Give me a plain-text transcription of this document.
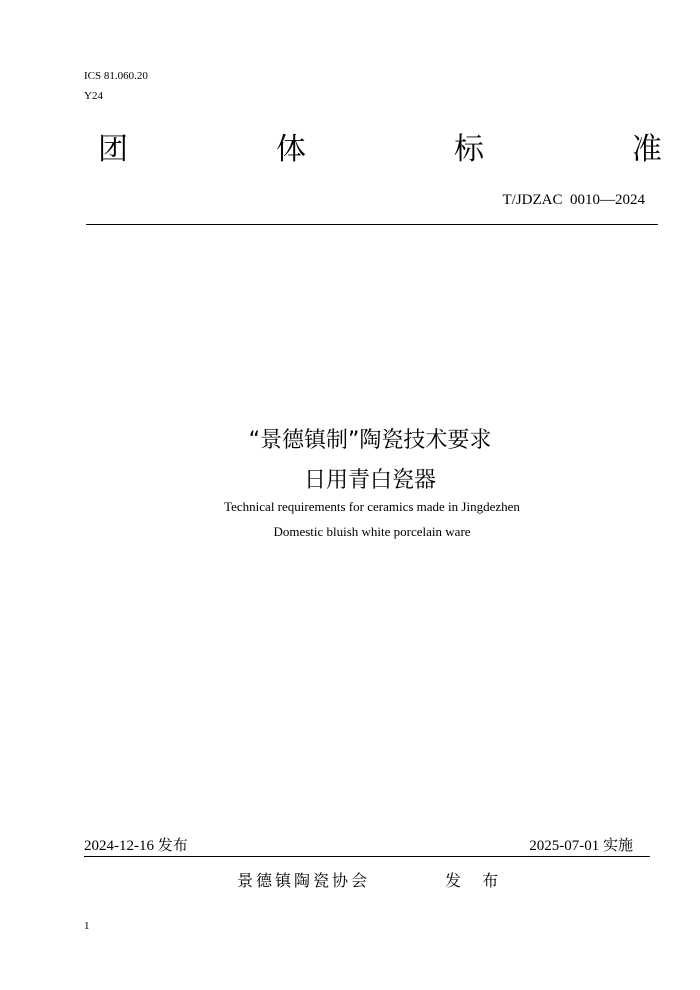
ICS 81.060.20
Y24
团	体	标	准
T/JDZAC  0010—2024
“景德镇制”陶瓷技术要求
日用青白瓷器
Technical requirements for ceramics made in Jingdezhen
Domestic bluish white porcelain ware
2024-12-16 发布	2025-07-01 实施
景德镇陶瓷协会	发 布
1
